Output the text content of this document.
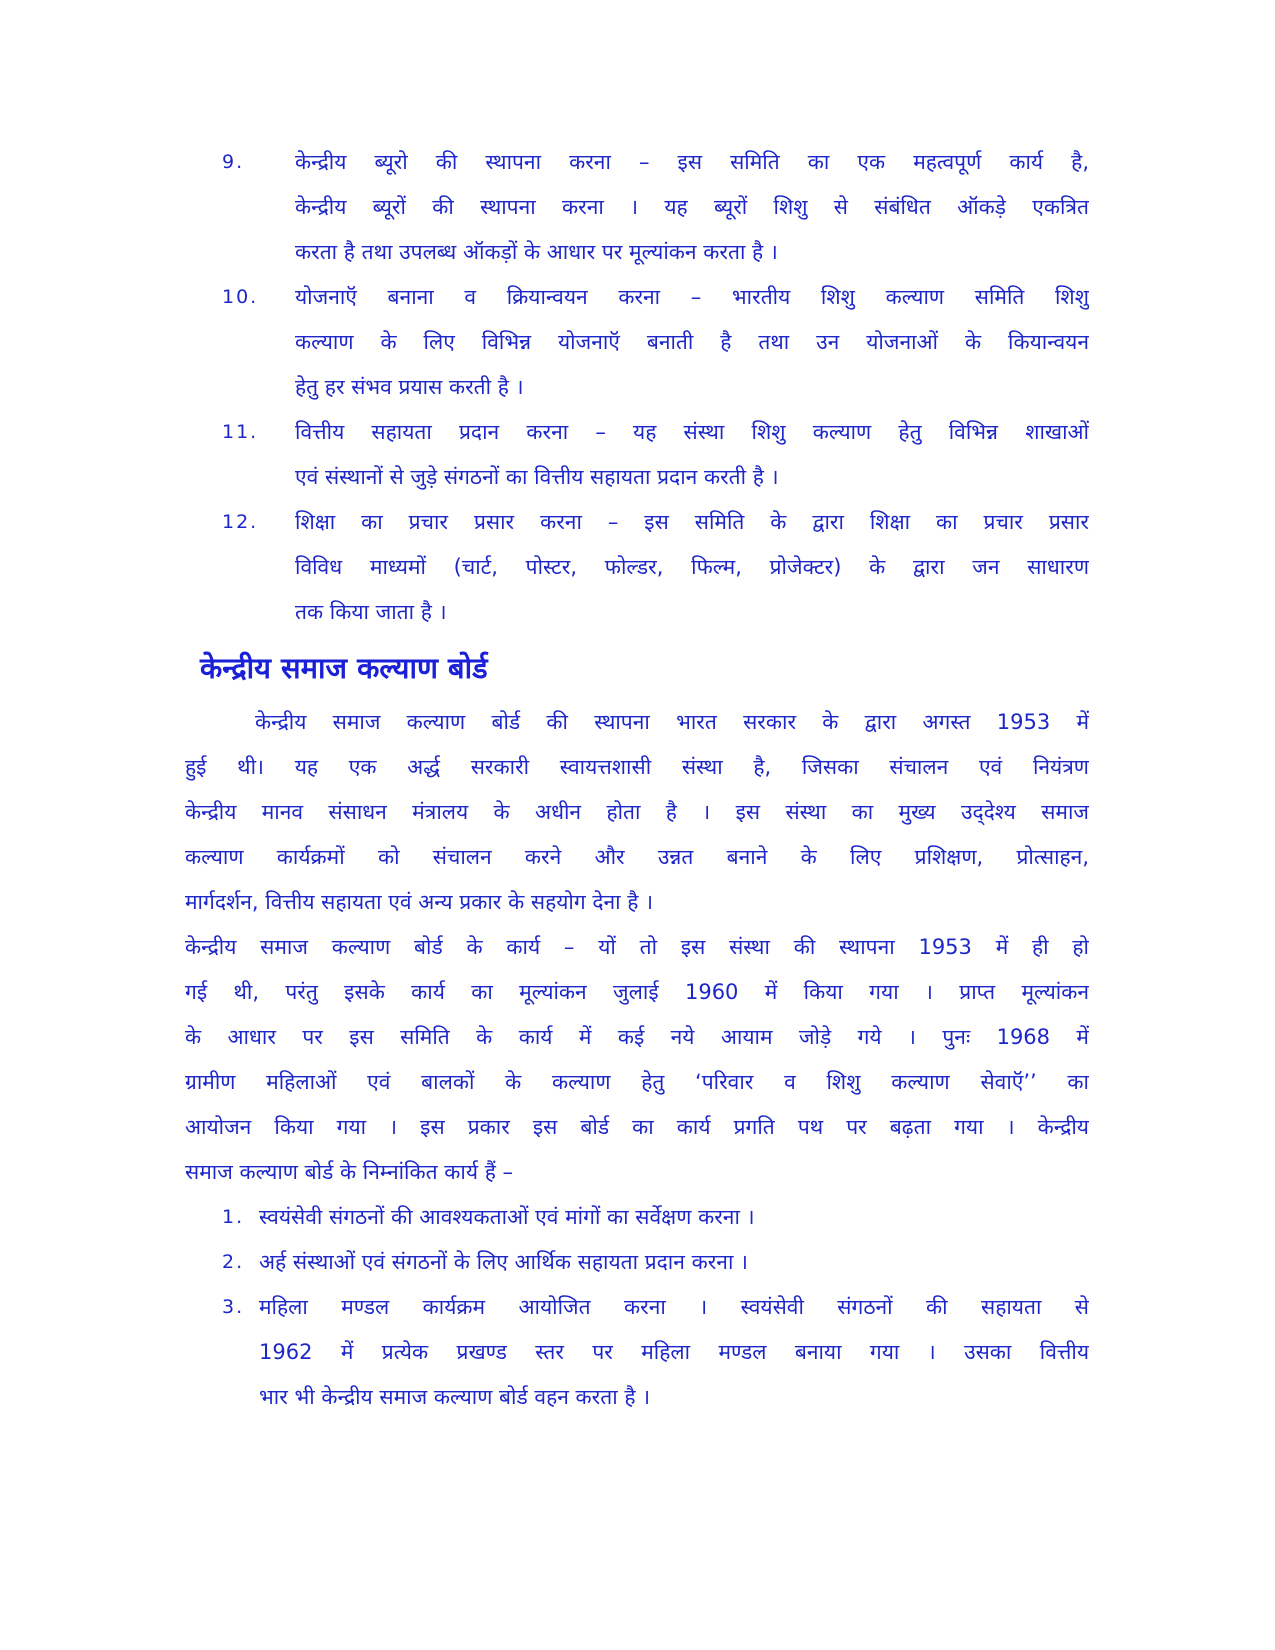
9. केन्द्रीय ब्यूरो की स्थापना करना – इस समिति का एक महत्वपूर्ण कार्य है,
केन्द्रीय ब्यूरों की स्थापना करना । यह ब्यूरों शिशु से संबंधित ऑकड़े एकत्रित
करता है तथा उपलब्ध ऑकड़ों के आधार पर मूल्यांकन करता है ।
10. योजनाऍ बनाना व क्रियान्वयन करना – भारतीय शिशु कल्याण समिति शिशु
कल्याण के लिए विभिन्न योजनाऍ बनाती है तथा उन योजनाओं के कियान्वयन
हेतु हर संभव प्रयास करती है ।
11. वित्तीय सहायता प्रदान करना – यह संस्था शिशु कल्याण हेतु विभिन्न शाखाओं
एवं संस्थानों से जुड़े संगठनों का वित्तीय सहायता प्रदान करती है ।
12. शिक्षा का प्रचार प्रसार करना – इस समिति के द्वारा शिक्षा का प्रचार प्रसार
विविध माध्यमों (चार्ट, पोस्टर, फोल्डर, फिल्म, प्रोजेक्टर) के द्वारा जन साधारण
तक किया जाता है ।
केन्द्रीय समाज कल्याण बोर्ड
केन्द्रीय समाज कल्याण बोर्ड की स्थापना भारत सरकार के द्वारा अगस्त 1953 में
हुई थी। यह एक अर्द्ध सरकारी स्वायत्तशासी संस्था है, जिसका संचालन एवं नियंत्रण
केन्द्रीय मानव संसाधन मंत्रालय के अधीन होता है । इस संस्था का मुख्य उद्‌देश्य समाज
कल्याण कार्यक्रमों को संचालन करने और उन्नत बनाने के लिए प्रशिक्षण, प्रोत्साहन,
मार्गदर्शन, वित्तीय सहायता एवं अन्य प्रकार के सहयोग देना है ।
केन्द्रीय समाज कल्याण बोर्ड के कार्य – यों तो इस संस्था की स्थापना 1953 में ही हो
गई थी, परंतु इसके कार्य का मूल्यांकन जुलाई 1960 में किया गया । प्राप्त मूल्यांकन
के आधार पर इस समिति के कार्य में कई नये आयाम जोड़े गये । पुनः 1968 में
ग्रामीण महिलाओं एवं बालकों के कल्याण हेतु ‘परिवार व शिशु कल्याण सेवाऍ’’ का
आयोजन किया गया । इस प्रकार इस बोर्ड का कार्य प्रगति पथ पर बढ़ता गया । केन्द्रीय
समाज कल्याण बोर्ड के निम्नांकित कार्य हैं –
1. स्वयंसेवी संगठनों की आवश्यकताओं एवं मांगों का सर्वेक्षण करना ।
2. अर्ह संस्थाओं एवं संगठनों के लिए आर्थिक सहायता प्रदान करना ।
3. महिला मण्डल कार्यक्रम आयोजित करना । स्वयंसेवी संगठनों की सहायता से
1962 में प्रत्येक प्रखण्ड स्तर पर महिला मण्डल बनाया गया । उसका वित्तीय
भार भी केन्द्रीय समाज कल्याण बोर्ड वहन करता है ।
